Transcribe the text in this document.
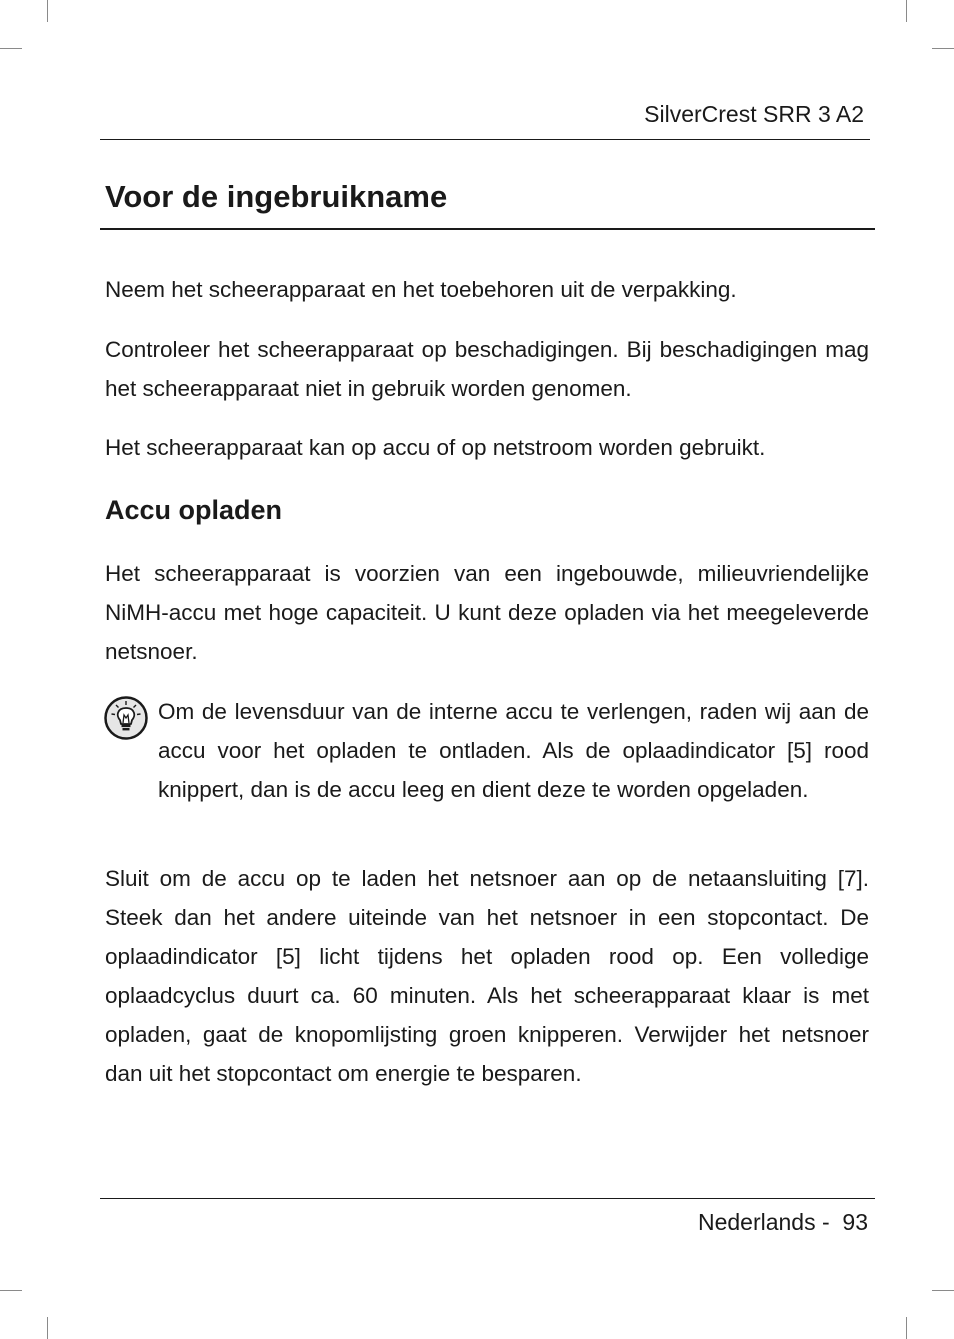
SilverCrest SRR 3 A2
Voor de ingebruikname

Neem het scheerapparaat en het toebehoren uit de verpakking.

Controleer het scheerapparaat op beschadigingen. Bij beschadigingen mag het scheerapparaat niet in gebruik worden genomen.

Het scheerapparaat kan op accu of op netstroom worden gebruikt.

Accu opladen

Het scheerapparaat is voorzien van een ingebouwde, milieuvriendelijke NiMH-accu met hoge capaciteit. U kunt deze opladen via het meegeleverde netsnoer.

Om de levensduur van de interne accu te verlengen, raden wij aan de accu voor het opladen te ontladen. Als de oplaadindicator [5] rood knippert, dan is de accu leeg en dient deze te worden opgeladen.

Sluit om de accu op te laden het netsnoer aan op de netaansluiting [7]. Steek dan het andere uiteinde van het netsnoer in een stopcontact. De oplaadindicator [5] licht tijdens het opladen rood op. Een volledige oplaadcyclus duurt ca. 60 minuten. Als het scheerapparaat klaar is met opladen, gaat de knopomlijsting groen knipperen. Verwijder het netsnoer dan uit het stopcontact om energie te besparen.

Nederlands -  93
